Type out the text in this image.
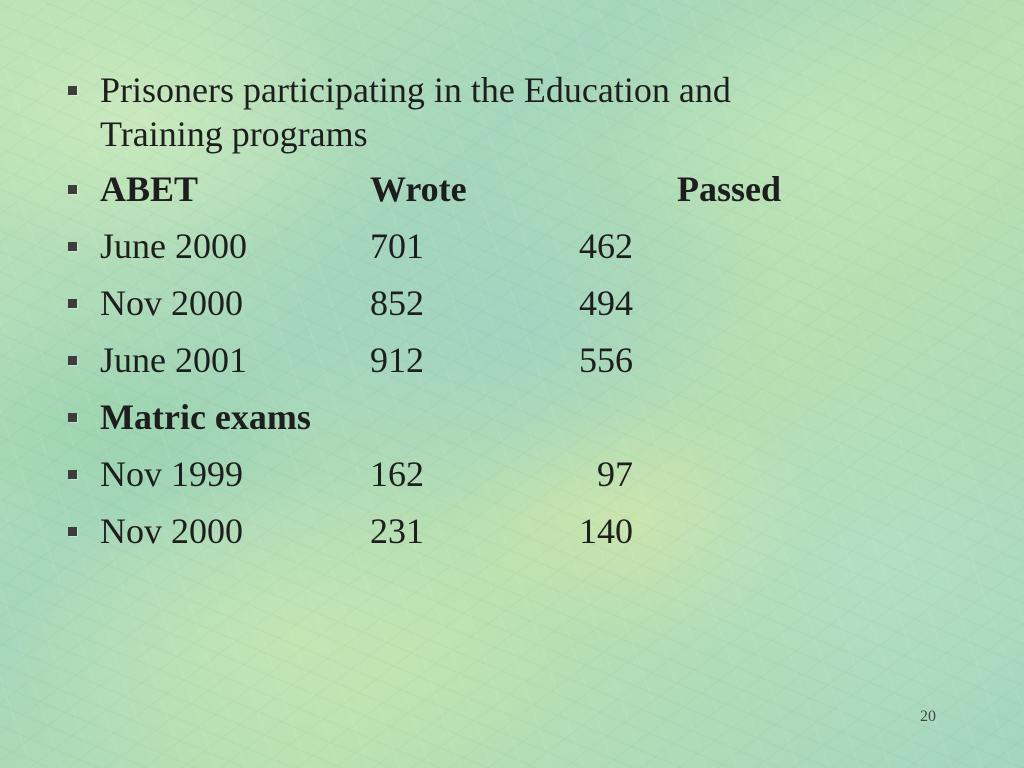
Prisoners participating in the Education and Training programs
ABET	Wrote	Passed
June 2000	701	462
Nov 2000	852	494
June 2001	912	556
Matric exams
Nov 1999	162	97
Nov 2000	231	140
20
